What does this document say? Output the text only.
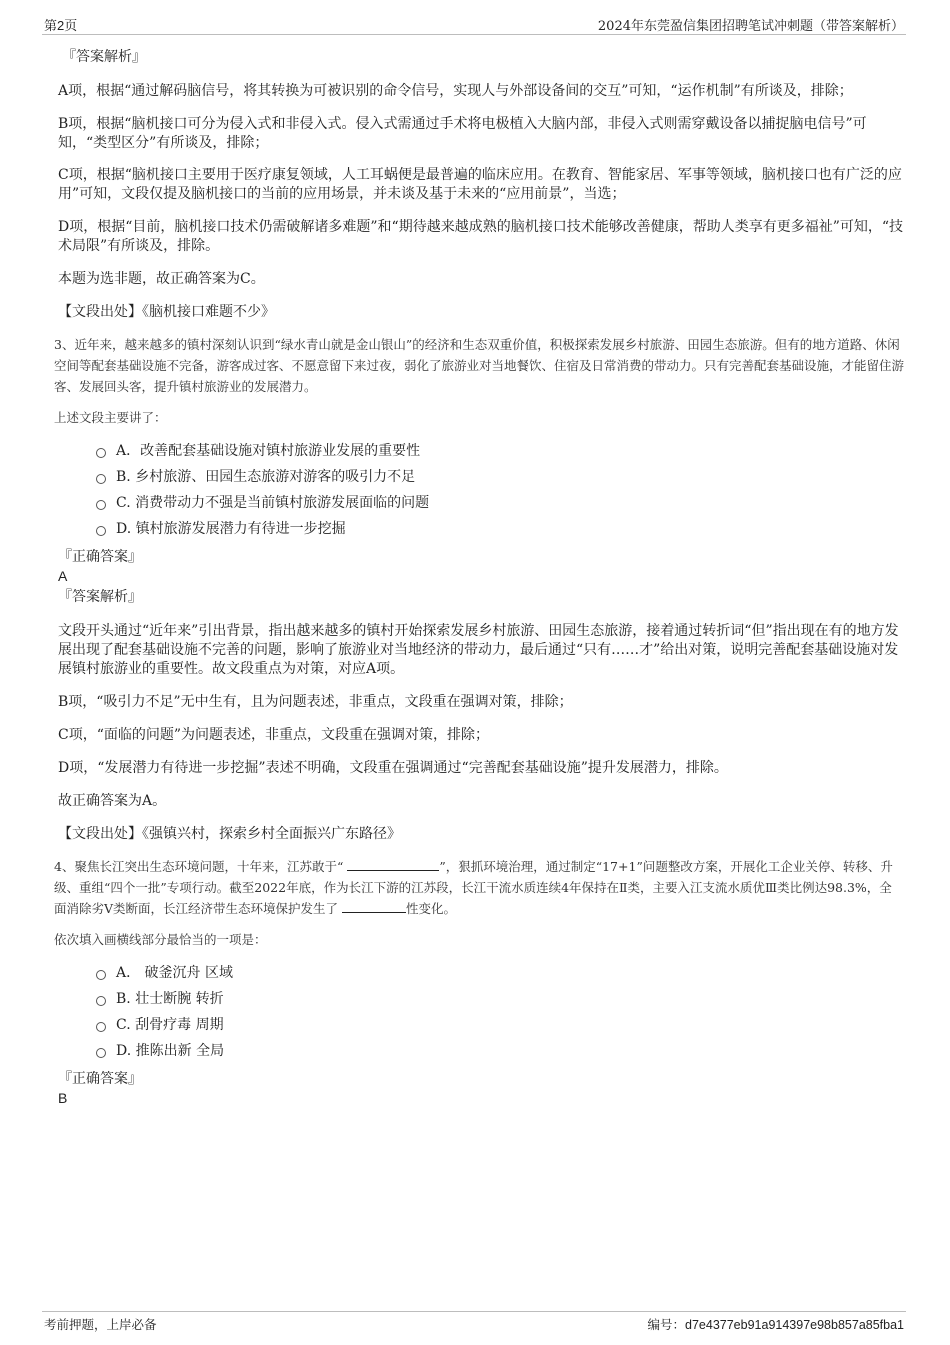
第2页	2024年东莞盈信集团招聘笔试冲刺题（带答案解析）

『答案解析』

A项，根据“通过解码脑信号，将其转换为可被识别的命令信号，实现人与外部设备间的交互”可知，“运作机制”有所谈及，排除；

B项，根据“脑机接口可分为侵入式和非侵入式。侵入式需通过手术将电极植入大脑内部，非侵入式则需穿戴设备以捕捉脑电信号”可知，“类型区分”有所谈及，排除；

C项，根据“脑机接口主要用于医疗康复领域，人工耳蜗便是最普遍的临床应用。在教育、智能家居、军事等领域，脑机接口也有广泛的应用”可知，文段仅提及脑机接口的当前的应用场景，并未谈及基于未来的“应用前景”，当选；

D项，根据“目前，脑机接口技术仍需破解诸多难题”和“期待越来越成熟的脑机接口技术能够改善健康，帮助人类享有更多福祉”可知，“技术局限”有所谈及，排除。

本题为选非题，故正确答案为C。

【文段出处】《脑机接口难题不少》

3、近年来，越来越多的镇村深刻认识到“绿水青山就是金山银山”的经济和生态双重价值，积极探索发展乡村旅游、田园生态旅游。但有的地方道路、休闲空间等配套基础设施不完备，游客成过客、不愿意留下来过夜，弱化了旅游业对当地餐饮、住宿及日常消费的带动力。只有完善配套基础设施，才能留住游客、发展回头客，提升镇村旅游业的发展潜力。

上述文段主要讲了：

A．改善配套基础设施对镇村旅游业发展的重要性
B. 乡村旅游、田园生态旅游对游客的吸引力不足
C. 消费带动力不强是当前镇村旅游发展面临的问题
D. 镇村旅游发展潜力有待进一步挖掘

『正确答案』

A

『答案解析』

文段开头通过“近年来”引出背景，指出越来越多的镇村开始探索发展乡村旅游、田园生态旅游，接着通过转折词“但”指出现在有的地方发展出现了配套基础设施不完善的问题，影响了旅游业对当地经济的带动力，最后通过“只有……才”给出对策，说明完善配套基础设施对发展镇村旅游业的重要性。故文段重点为对策，对应A项。

B项，“吸引力不足”无中生有，且为问题表述，非重点，文段重在强调对策，排除；

C项，“面临的问题”为问题表述，非重点，文段重在强调对策，排除；

D项，“发展潜力有待进一步挖掘”表述不明确，文段重在强调通过“完善配套基础设施”提升发展潜力，排除。

故正确答案为A。

【文段出处】《强镇兴村，探索乡村全面振兴广东路径》

4、聚焦长江突出生态环境问题，十年来，江苏敢于“	”，狠抓环境治理，通过制定“17+1”问题整改方案，开展化工企业关停、转移、升级、重组“四个一批”专项行动。截至2022年底，作为长江下游的江苏段，长江干流水质连续4年保持在Ⅱ类，主要入江支流水质优Ⅲ类比例达98.3%，全面消除劣V类断面，长江经济带生态环境保护发生了	性变化。

依次填入画横线部分最恰当的一项是：

A． 破釜沉舟 区域
B. 壮士断腕 转折
C. 刮骨疗毒 周期
D. 推陈出新 全局

『正确答案』

B

考前押题，上岸必备	编号：d7e4377eb91a914397e98b857a85fba1
